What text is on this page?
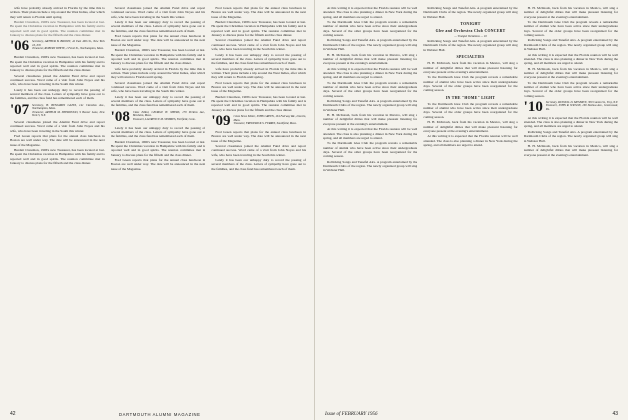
wife have probably already arrived in Florida by the time this is written. Their plans include a trip around the West Indies, after which they will return to Florida until spring.

Burdett Claremon, 1906's new Treasurer, has been located at last. He spent the Christmas vacation in Hampshire with his family and is reported well and in good spirits. The reunion committee met in January to discuss plans for the fiftieth and the class dinner.

'06 Secretary, ARTHUR B. BROWN, 42 East 49th St., New York 16, N.Y.
Treasurer, ROBERT WHITE, 1 Fenel St., Northampton, Mass.

Burdett Claremon, 1906's new Treasurer, has been located at last. He spent the Christmas vacation in Hampshire with his family and is reported well and in good spirits. The reunion committee met in January to discuss plans for the fiftieth and the class dinner.

Several classmates joined the Alumni Fund drive and report continued success. Word came of a visit from John Noyes and his wife, who have been traveling in the South this winter.

Lately it has been our unhappy duty to record the passing of several members of the class. Letters of sympathy have gone out to the families, and the class fund has remembered each of them.

'07 Secretary, H. BENJAMIN GATES, 141 Claredon Ave., Northampton, Mass.
Treasurer, ARTHUR M. SHERWOOD, 9 Beaver Lane, New York 5, N.Y.

Several classmates joined the Alumni Fund drive and report continued success. Word came of a visit from John Noyes and his wife, who have been traveling in the South this winter.

Fred Green reports that plans for the annual class luncheon in Boston are well under way. The date will be announced in the next issue of the Magazine.

Burdett Claremon, 1906's new Treasurer, has been located at last. He spent the Christmas vacation in Hampshire with his family and is reported well and in good spirits. The reunion committee met in January to discuss plans for the fiftieth and the class dinner.

Several classmates joined the Alumni Fund drive and report continued success. Word came of a visit from John Noyes and his wife, who have been traveling in the South this winter.

Lately it has been our unhappy duty to record the passing of several members of the class. Letters of sympathy have gone out to the families, and the class fund has remembered each of them.

Fred Green reports that plans for the annual class luncheon in Boston are well under way. The date will be announced in the next issue of the Magazine.

Burdett Claremon, 1906's new Treasurer, has been located at last. He spent the Christmas vacation in Hampshire with his family and is reported well and in good spirits. The reunion committee met in January to discuss plans for the fiftieth and the class dinner.

wife have probably already arrived in Florida by the time this is written. Their plans include a trip around the West Indies, after which they will return to Florida until spring.

Several classmates joined the Alumni Fund drive and report continued success. Word came of a visit from John Noyes and his wife, who have been traveling in the South this winter.

Lately it has been our unhappy duty to record the passing of several members of the class. Letters of sympathy have gone out to the families, and the class fund has remembered each of them.

'08 Class Editor, GEORGE H. MYERS, 179 Perkins Ave., Brockton, Mass.
Treasurer, LAURENCE M. SYMMES, Fairfield, Conn.

Lately it has been our unhappy duty to record the passing of several members of the class. Letters of sympathy have gone out to the families, and the class fund has remembered each of them.

Burdett Claremon, 1906's new Treasurer, has been located at last. He spent the Christmas vacation in Hampshire with his family and is reported well and in good spirits. The reunion committee met in January to discuss plans for the fiftieth and the class dinner.

Fred Green reports that plans for the annual class luncheon in Boston are well under way. The date will be announced in the next issue of the Magazine.

Fred Green reports that plans for the annual class luncheon in Boston are well under way. The date will be announced in the next issue of the Magazine.

Burdett Claremon, 1906's new Treasurer, has been located at last. He spent the Christmas vacation in Hampshire with his family and is reported well and in good spirits. The reunion committee met in January to discuss plans for the fiftieth and the class dinner.

Several classmates joined the Alumni Fund drive and report continued success. Word came of a visit from John Noyes and his wife, who have been traveling in the South this winter.

Lately it has been our unhappy duty to record the passing of several members of the class. Letters of sympathy have gone out to the families, and the class fund has remembered each of them.

wife have probably already arrived in Florida by the time this is written. Their plans include a trip around the West Indies, after which they will return to Florida until spring.

Fred Green reports that plans for the annual class luncheon in Boston are well under way. The date will be announced in the next issue of the Magazine.

Burdett Claremon, 1906's new Treasurer, has been located at last. He spent the Christmas vacation in Hampshire with his family and is reported well and in good spirits. The reunion committee met in January to discuss plans for the fiftieth and the class dinner.

'09 Class News Editor, JOHN GREEN, 104 Fairway Rd., Lincoln, Mass.
Treasurer, FREDERICK S. FERRIN, Southfield, Mass.

Fred Green reports that plans for the annual class luncheon in Boston are well under way. The date will be announced in the next issue of the Magazine.

Several classmates joined the Alumni Fund drive and report continued success. Word came of a visit from John Noyes and his wife, who have been traveling in the South this winter.

Lately it has been our unhappy duty to record the passing of several members of the class. Letters of sympathy have gone out to the families, and the class fund has remembered each of them.

42	DARTMOUTH ALUMNI MAGAZINE

At this writing it is expected that the Florida reunion will be well attended. The class is also planning a dinner in New York during the spring, and all members are urged to attend.

To the Dartmouth Glee Club the program reveals a remarkable number of alumni who have been active since their undergraduate days. Several of the older groups have been reorganized for the coming season.

Rollicking Songs and Tuneful Airs. A program entertained by the Dartmouth Clubs of the region. The newly organized group will sing in Webster Hall.

H. H. McIntosh, back from his vacation in Mexico, will sing a number of delightful ditties that will make pleasant listening for everyone present at the evening's entertainment.

At this writing it is expected that the Florida reunion will be well attended. The class is also planning a dinner in New York during the spring, and all members are urged to attend.

To the Dartmouth Glee Club the program reveals a remarkable number of alumni who have been active since their undergraduate days. Several of the older groups have been reorganized for the coming season.

Rollicking Songs and Tuneful Airs. A program entertained by the Dartmouth Clubs of the region. The newly organized group will sing in Webster Hall.

H. H. McIntosh, back from his vacation in Mexico, will sing a number of delightful ditties that will make pleasant listening for everyone present at the evening's entertainment.

At this writing it is expected that the Florida reunion will be well attended. The class is also planning a dinner in New York during the spring, and all members are urged to attend.

To the Dartmouth Glee Club the program reveals a remarkable number of alumni who have been active since their undergraduate days. Several of the older groups have been reorganized for the coming season.

Rollicking Songs and Tuneful Airs. A program entertained by the Dartmouth Clubs of the region. The newly organized group will sing in Webster Hall.

Rollicking Songs and Tuneful Airs. A program entertained by the Dartmouth Clubs of the region. The newly organized group will sing in Webster Hall.

TONIGHT
Glee and Orchestra Club CONCERT
— Trumpet Variations — 10

Rollicking Songs and Tuneful Airs. A program entertained by the Dartmouth Clubs of the region. The newly organized group will sing in Webster Hall.

SPECIALTIES

H. H. McIntosh, back from his vacation in Mexico, will sing a number of delightful ditties that will make pleasant listening for everyone present at the evening's entertainment.

To the Dartmouth Glee Club the program reveals a remarkable number of alumni who have been active since their undergraduate days. Several of the older groups have been reorganized for the coming season.

IN THE "HOME" LIGHT

To the Dartmouth Glee Club the program reveals a remarkable number of alumni who have been active since their undergraduate days. Several of the older groups have been reorganized for the coming season.

H. H. McIntosh, back from his vacation in Mexico, will sing a number of delightful ditties that will make pleasant listening for everyone present at the evening's entertainment.

At this writing it is expected that the Florida reunion will be well attended. The class is also planning a dinner in New York during the spring, and all members are urged to attend.

H. H. McIntosh, back from his vacation in Mexico, will sing a number of delightful ditties that will make pleasant listening for everyone present at the evening's entertainment.

To the Dartmouth Glee Club the program reveals a remarkable number of alumni who have been active since their undergraduate days. Several of the older groups have been reorganized for the coming season.

Rollicking Songs and Tuneful Airs. A program entertained by the Dartmouth Clubs of the region. The newly organized group will sing in Webster Hall.

At this writing it is expected that the Florida reunion will be well attended. The class is also planning a dinner in New York during the spring, and all members are urged to attend.

H. H. McIntosh, back from his vacation in Mexico, will sing a number of delightful ditties that will make pleasant listening for everyone present at the evening's entertainment.

To the Dartmouth Glee Club the program reveals a remarkable number of alumni who have been active since their undergraduate days. Several of the older groups have been reorganized for the coming season.

'10 Secretary, RUSSELL D. MESERVE, 300 Canton St., Troy, N.Y.
Treasurer, JOHN R. WILSON, 169 Nashua Ave., Greenwood, Pa.

At this writing it is expected that the Florida reunion will be well attended. The class is also planning a dinner in New York during the spring, and all members are urged to attend.

Rollicking Songs and Tuneful Airs. A program entertained by the Dartmouth Clubs of the region. The newly organized group will sing in Webster Hall.

H. H. McIntosh, back from his vacation in Mexico, will sing a number of delightful ditties that will make pleasant listening for everyone present at the evening's entertainment.

Issue of FEBRUARY 1956	43
